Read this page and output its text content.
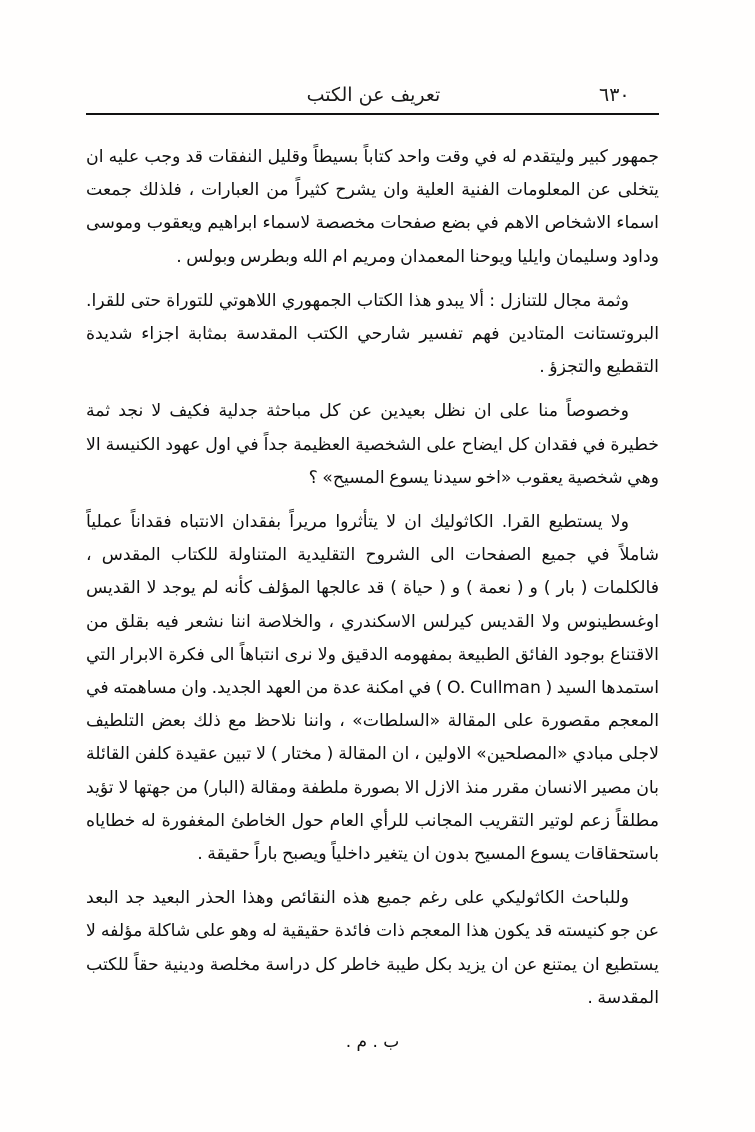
٦٣٠
تعريف عن الكتب

جمهور كبير وليتقدم له في وقت واحد كتاباً بسيطاً وقليل النفقات قد وجب عليه ان يتخلى عن المعلومات الفنية العلية وان يشرح كثيراً من العبارات ، فلذلك جمعت اسماء الاشخاص الاهم في بضع صفحات مخصصة لاسماء ابراهيم ويعقوب وموسى وداود وسليمان وايليا ويوحنا المعمدان ومريم ام الله وبطرس وبولس .

وثمة مجال للتنازل : ألا يبدو هذا الكتاب الجمهوري اللاهوتي للتوراة حتى للقرا. البروتستانت المتادين فهم تفسير شارحي الكتب المقدسة بمثابة اجزاء شديدة التقطيع والتجزؤ .

وخصوصاً منا على ان نظل بعيدين عن كل مباحثة جدلية فكيف لا نجد ثمة خطيرة في فقدان كل ايضاح على الشخصية العظيمة جداً في اول عهود الكنيسة الا وهي شخصية يعقوب «اخو سيدنا يسوع المسيح» ؟

ولا يستطيع القرا. الكاثوليك ان لا يتأثروا مريراً بفقدان الانتباه فقداناً عملياً شاملاً في جميع الصفحات الى الشروح التقليدية المتناولة للكتاب المقدس ، فالكلمات ( بار ) و ( نعمة ) و ( حياة ) قد عالجها المؤلف كأنه لم يوجد لا القديس اوغسطينوس ولا القديس كيرلس الاسكندري ، والخلاصة اننا نشعر فيه بقلق من الاقتناع بوجود الفائق الطبيعة بمفهومه الدقيق ولا نرى انتباهاً الى فكرة الابرار التي استمدها السيد ( O. Cullman ) في امكنة عدة من العهد الجديد. وان مساهمته في المعجم مقصورة على المقالة «السلطات» ، واننا نلاحظ مع ذلك بعض التلطيف لاجلى مبادي «المصلحين» الاولين ، ان المقالة ( مختار ) لا تبين عقيدة كلفن القائلة بان مصير الانسان مقرر منذ الازل الا بصورة ملطفة ومقالة (البار) من جهتها لا تؤيد مطلقاً زعم لوتير التقريب المجانب للرأي العام حول الخاطئ المغفورة له خطاياه باستحقاقات يسوع المسيح بدون ان يتغير داخلياً ويصبح باراً حقيقة .

وللباحث الكاثوليكي على رغم جميع هذه النقائص وهذا الحذر البعيد جد البعد عن جو كنيسته قد يكون هذا المعجم ذات فائدة حقيقية له وهو على شاكلة مؤلفه لا يستطيع ان يمتنع عن ان يزيد بكل طيبة خاطر كل دراسة مخلصة ودينية حقاً للكتب المقدسة .

ب . م .
